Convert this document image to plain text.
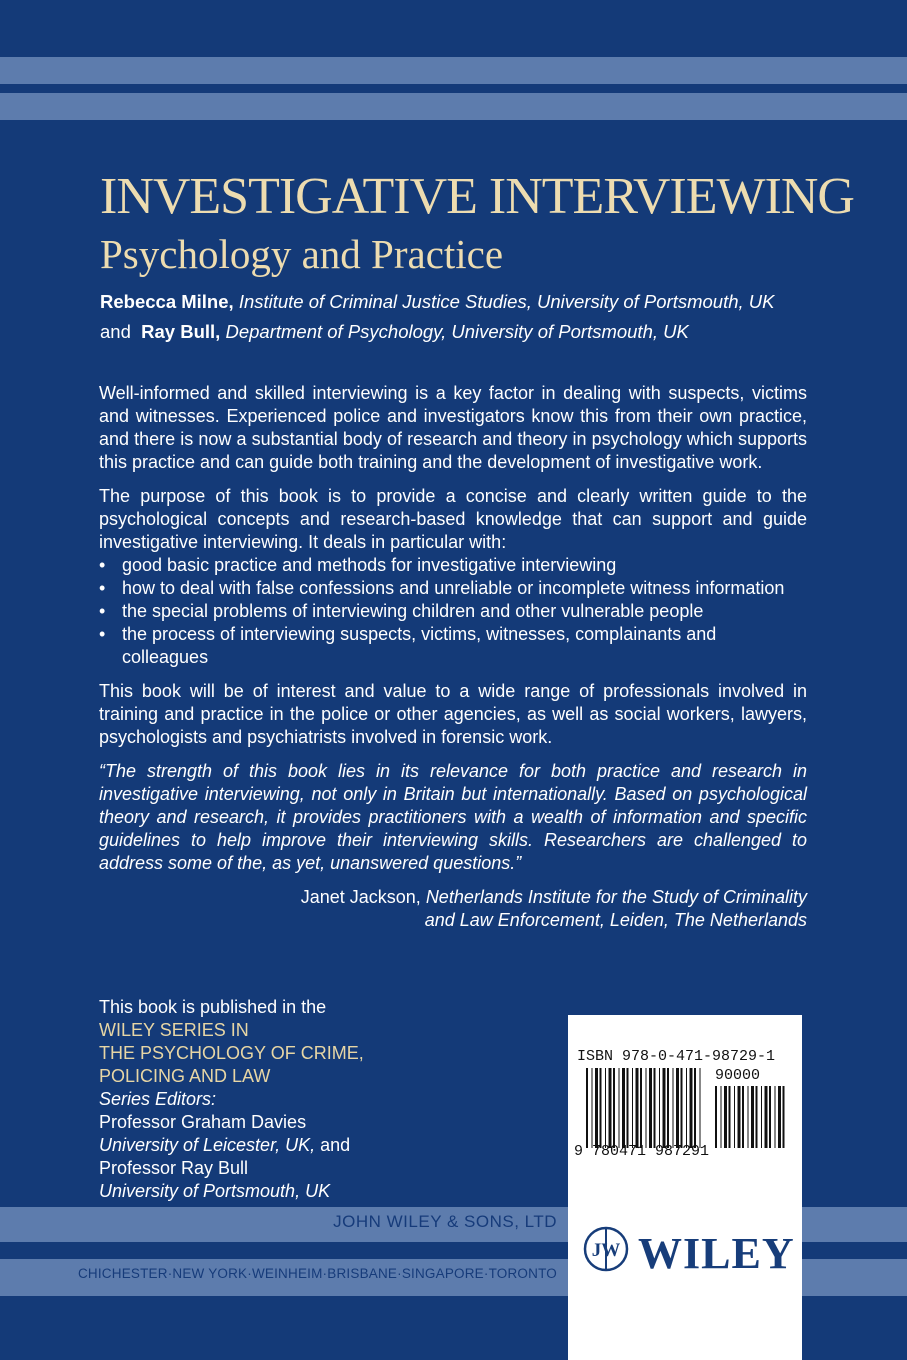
INVESTIGATIVE INTERVIEWING
Psychology and Practice
Rebecca Milne, Institute of Criminal Justice Studies, University of Portsmouth, UK
and Ray Bull, Department of Psychology, University of Portsmouth, UK

Well-informed and skilled interviewing is a key factor in dealing with suspects, victims and witnesses. Experienced police and investigators know this from their own practice, and there is now a substantial body of research and theory in psychology which supports this practice and can guide both training and the development of investigative work.

The purpose of this book is to provide a concise and clearly written guide to the psychological concepts and research-based knowledge that can support and guide investigative interviewing. It deals in particular with:

• good basic practice and methods for investigative interviewing
• how to deal with false confessions and unreliable or incomplete witness information
• the special problems of interviewing children and other vulnerable people
• the process of interviewing suspects, victims, witnesses, complainants and colleagues

This book will be of interest and value to a wide range of professionals involved in training and practice in the police or other agencies, as well as social workers, lawyers, psychologists and psychiatrists involved in forensic work.

“The strength of this book lies in its relevance for both practice and research in investigative interviewing, not only in Britain but internationally. Based on psychological theory and research, it provides practitioners with a wealth of information and specific guidelines to help improve their interviewing skills. Researchers are challenged to address some of the, as yet, unanswered questions.”

Janet Jackson, Netherlands Institute for the Study of Criminality
and Law Enforcement, Leiden, The Netherlands
This book is published in the
WILEY SERIES IN
THE PSYCHOLOGY OF CRIME,
POLICING AND LAW
Series Editors:
Professor Graham Davies
University of Leicester, UK, and
Professor Ray Bull
University of Portsmouth, UK
JOHN WILEY & SONS, LTD
CHICHESTER·NEW YORK·WEINHEIM·BRISBANE·SINGAPORE·TORONTO
ISBN 978-0-471-98729-1
90000
9 780471 987291
JW WILEY
